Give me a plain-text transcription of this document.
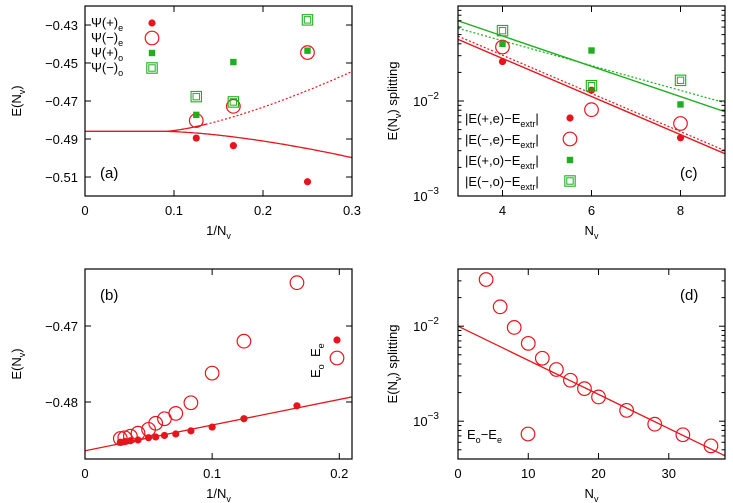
0	0.1	0.2	0.3
−0.43
−0.45
−0.47
−0.49
−0.51
$1/N_v$
$E(N_v)$
(a)
$\Psi(+)_e$
$\Psi(-)_e$
$\Psi(+)_o$
$\Psi(-)_o$
0	0.1	0.2
−0.47
−0.48
$1/N_v$
$E(N_v)$
(b)
$E_e$
$E_o$
4	6	8
$10^{-2}$
$10^{-3}$
$N_v$
$E(N_v)$ splitting
(c)
$|E(+,e)-E_{extr}|$
$|E(-,e)-E_{extr}|$
$|E(+,o)-E_{extr}|$
$|E(-,o)-E_{extr}|$
0	10	20	30
$10^{-2}$
$10^{-3}$
$N_v$
$E(N_v)$ splitting
(d)
$E_o-E_e$
